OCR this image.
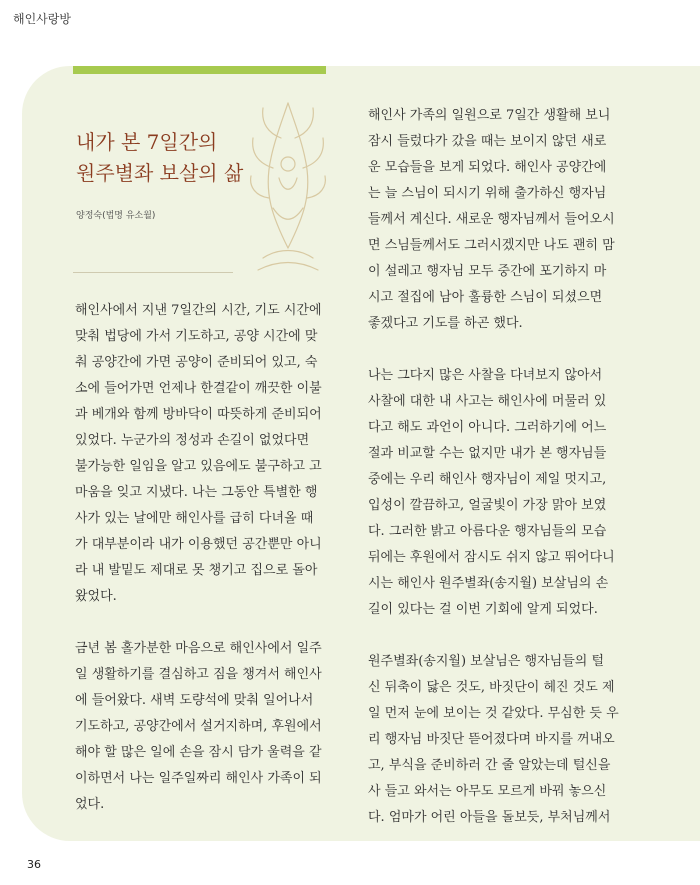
해인사랑방
내가 본 7일간의
원주별좌 보살의 삶
양정숙(법명 유소월)

해인사에서 지낸 7일간의 시간, 기도 시간에
맞춰 법당에 가서 기도하고, 공양 시간에 맞
춰 공양간에 가면 공양이 준비되어 있고, 숙
소에 들어가면 언제나 한결같이 깨끗한 이불
과 베개와 함께 방바닥이 따뜻하게 준비되어
있었다. 누군가의 정성과 손길이 없었다면
불가능한 일임을 알고 있음에도 불구하고 고
마움을 잊고 지냈다. 나는 그동안 특별한 행
사가 있는 날에만 해인사를 급히 다녀올 때
가 대부분이라 내가 이용했던 공간뿐만 아니
라 내 발밑도 제대로 못 챙기고 집으로 돌아
왔었다.

금년 봄 홀가분한 마음으로 해인사에서 일주
일 생활하기를 결심하고 짐을 챙겨서 해인사
에 들어왔다. 새벽 도량석에 맞춰 일어나서
기도하고, 공양간에서 설거지하며, 후원에서
해야 할 많은 일에 손을 잠시 담가 울력을 같
이하면서 나는 일주일짜리 해인사 가족이 되
었다.

해인사 가족의 일원으로 7일간 생활해 보니
잠시 들렀다가 갔을 때는 보이지 않던 새로
운 모습들을 보게 되었다. 해인사 공양간에
는 늘 스님이 되시기 위해 출가하신 행자님
들께서 계신다. 새로운 행자님께서 들어오시
면 스님들께서도 그러시겠지만 나도 괜히 맘
이 설레고 행자님 모두 중간에 포기하지 마
시고 절집에 남아 훌륭한 스님이 되셨으면
좋겠다고 기도를 하곤 했다.

나는 그다지 많은 사찰을 다녀보지 않아서
사찰에 대한 내 사고는 해인사에 머물러 있
다고 해도 과언이 아니다. 그러하기에 어느
절과 비교할 수는 없지만 내가 본 행자님들
중에는 우리 해인사 행자님이 제일 멋지고,
입성이 깔끔하고, 얼굴빛이 가장 맑아 보였
다. 그러한 밝고 아름다운 행자님들의 모습
뒤에는 후원에서 잠시도 쉬지 않고 뛰어다니
시는 해인사 원주별좌(송지월) 보살님의 손
길이 있다는 걸 이번 기회에 알게 되었다.

원주별좌(송지월) 보살님은 행자님들의 털
신 뒤축이 닳은 것도, 바짓단이 헤진 것도 제
일 먼저 눈에 보이는 것 같았다. 무심한 듯 우
리 행자님 바짓단 뜯어졌다며 바지를 꺼내오
고, 부식을 준비하러 간 줄 알았는데 털신을
사 들고 와서는 아무도 모르게 바꿔 놓으신
다. 엄마가 어린 아들을 돌보듯, 부처님께서

36
